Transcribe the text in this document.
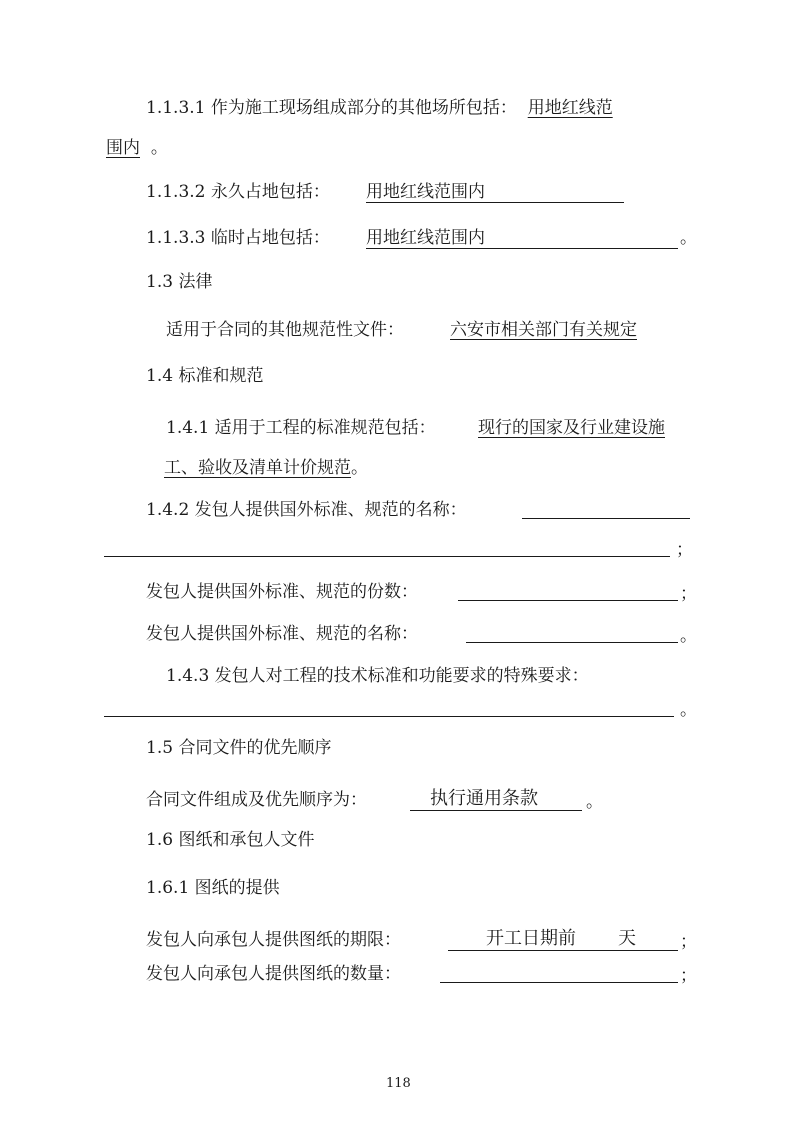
1.1.3.1 作为施工现场组成部分的其他场所包括： 用地红线范
围内 。
1.1.3.2 永久占地包括： 用地红线范围内
1.1.3.3 临时占地包括： 用地红线范围内	。
1.3 法律
适用于合同的其他规范性文件：	六安市相关部门有关规定
1.4 标准和规范
1.4.1 适用于工程的标准规范包括： 现行的国家及行业建设施
工、验收及清单计价规范。
1.4.2 发包人提供国外标准、规范的名称：
；
发包人提供国外标准、规范的份数：	；
发包人提供国外标准、规范的名称：	。
1.4.3 发包人对工程的技术标准和功能要求的特殊要求：
。
1.5 合同文件的优先顺序
合同文件组成及优先顺序为：	执行通用条款	。
1.6 图纸和承包人文件
1.6.1 图纸的提供
发包人向承包人提供图纸的期限：	开工日期前 天	；
发包人向承包人提供图纸的数量：	；
118
